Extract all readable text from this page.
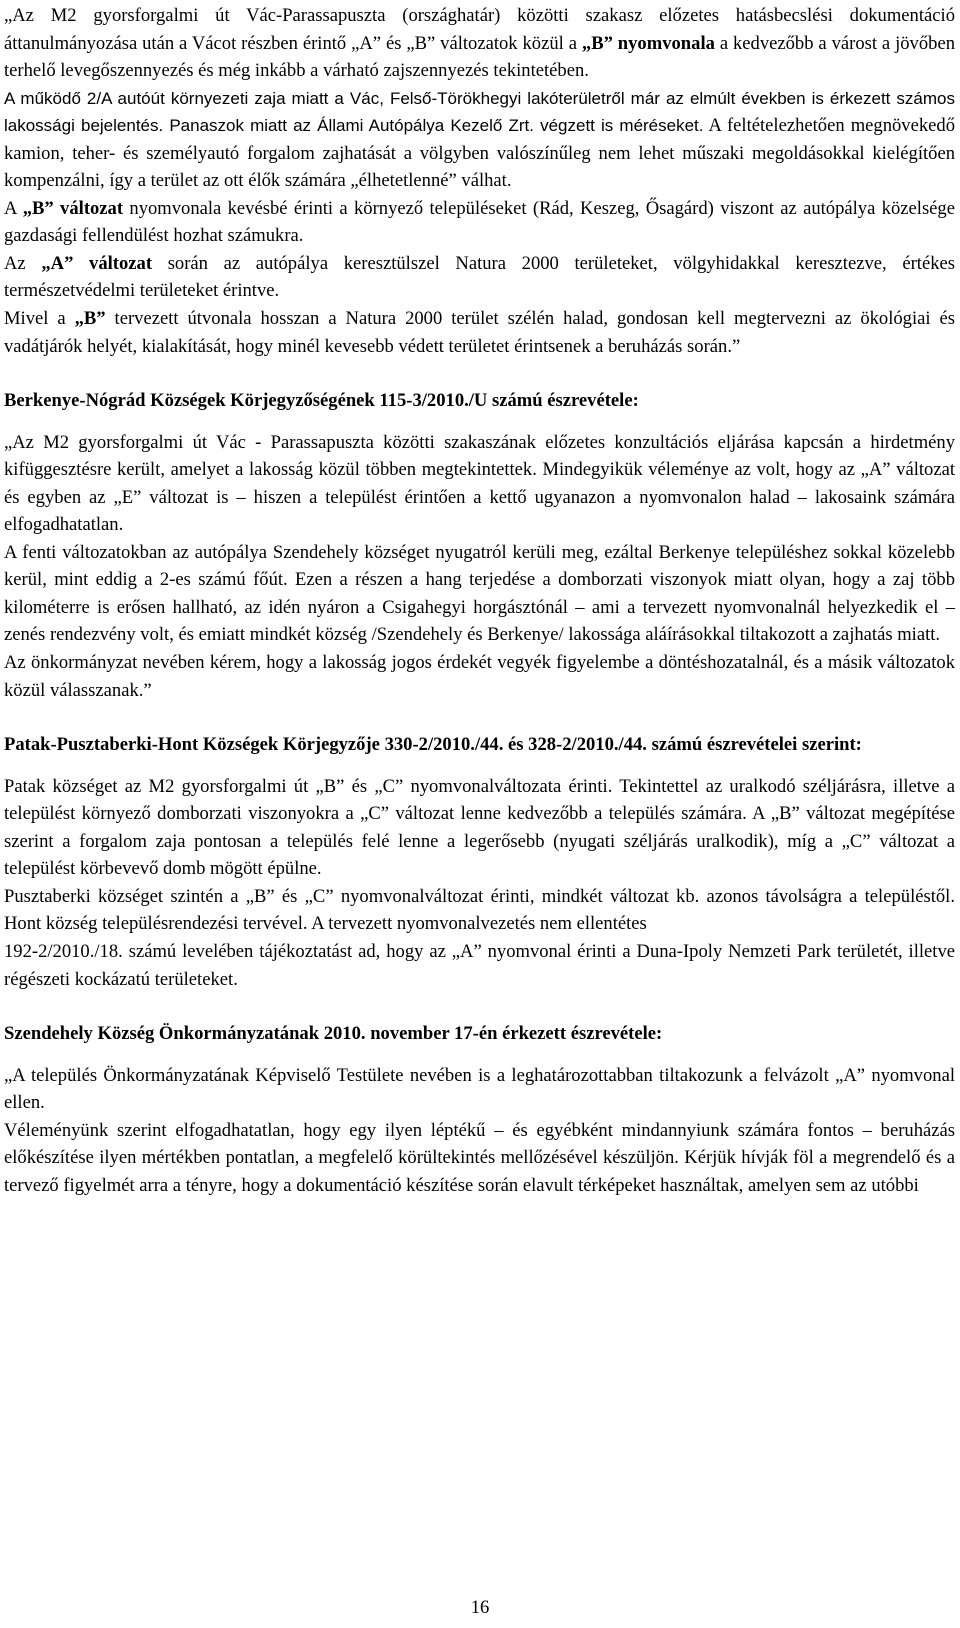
„Az M2 gyorsforgalmi út Vác-Parassapuszta (országhatár) közötti szakasz előzetes hatásbecslési dokumentáció áttanulmányozása után a Vácot részben érintő „A” és „B” változatok közül a „B” nyomvonala a kedvezőbb a várost a jövőben terhelő levegőszennyezés és még inkább a várható zajszennyezés tekintetében.

A működő 2/A autóút környezeti zaja miatt a Vác, Felső-Törökhegyi lakóterületről már az elmúlt években is érkezett számos lakossági bejelentés. Panaszok miatt az Állami Autópálya Kezelő Zrt. végzett is méréseket. A feltételezhetően megnövekedő kamion, teher- és személyautó forgalom zajhatását a völgyben valószínűleg nem lehet műszaki megoldásokkal kielégítően kompenzálni, így a terület az ott élők számára „élhetetlenné” válhat.

A „B” változat nyomvonala kevésbé érinti a környező településeket (Rád, Keszeg, Ősagárd) viszont az autópálya közelsége gazdasági fellendülést hozhat számukra.

Az „A” változat során az autópálya keresztülszel Natura 2000 területeket, völgyhidakkal keresztezve, értékes természetvédelmi területeket érintve.

Mivel a „B” tervezett útvonala hosszan a Natura 2000 terület szélén halad, gondosan kell megtervezni az ökológiai és vadátjárók helyét, kialakítását, hogy minél kevesebb védett területet érintsenek a beruházás során.”

Berkenye-Nógrád Községek Körjegyzőségének 115-3/2010./U számú észrevétele:

„Az M2 gyorsforgalmi út Vác - Parassapuszta közötti szakaszának előzetes konzultációs eljárása kapcsán a hirdetmény kifüggesztésre került, amelyet a lakosság közül többen megtekintettek. Mindegyikük véleménye az volt, hogy az „A” változat és egyben az „E” változat is – hiszen a települést érintően a kettő ugyanazon a nyomvonalon halad – lakosaink számára elfogadhatatlan.

A fenti változatokban az autópálya Szendehely községet nyugatról kerüli meg, ezáltal Berkenye településhez sokkal közelebb kerül, mint eddig a 2-es számú főút. Ezen a részen a hang terjedése a domborzati viszonyok miatt olyan, hogy a zaj több kilométerre is erősen hallható, az idén nyáron a Csigahegyi horgásztónál – ami a tervezett nyomvonalnál helyezkedik el – zenés rendezvény volt, és emiatt mindkét község /Szendehely és Berkenye/ lakossága aláírásokkal tiltakozott a zajhatás miatt.

Az önkormányzat nevében kérem, hogy a lakosság jogos érdekét vegyék figyelembe a döntéshozatalnál, és a másik változatok közül válasszanak.”

Patak-Pusztaberki-Hont Községek Körjegyzője 330-2/2010./44. és 328-2/2010./44. számú észrevételei szerint:

Patak községet az M2 gyorsforgalmi út „B” és „C” nyomvonalváltozata érinti. Tekintettel az uralkodó széljárásra, illetve a települést környező domborzati viszonyokra a „C” változat lenne kedvezőbb a település számára. A „B” változat megépítése szerint a forgalom zaja pontosan a település felé lenne a legerősebb (nyugati széljárás uralkodik), míg a „C” változat a települést körbevevő domb mögött épülne.

Pusztaberki községet szintén a „B” és „C” nyomvonalváltozat érinti, mindkét változat kb. azonos távolságra a településtől. Hont község településrendezési tervével. A tervezett nyomvonalvezetés nem ellentétes

192-2/2010./18. számú levelében tájékoztatást ad, hogy az „A” nyomvonal érinti a Duna-Ipoly Nemzeti Park területét, illetve régészeti kockázatú területeket.

Szendehely Község Önkormányzatának 2010. november 17-én érkezett észrevétele:

„A település Önkormányzatának Képviselő Testülete nevében is a leghatározottabban tiltakozunk a felvázolt „A” nyomvonal ellen.

Véleményünk szerint elfogadhatatlan, hogy egy ilyen léptékű – és egyébként mindannyiunk számára fontos – beruházás előkészítése ilyen mértékben pontatlan, a megfelelő körültekintés mellőzésével készüljön. Kérjük hívják föl a megrendelő és a tervező figyelmét arra a tényre, hogy a dokumentáció készítése során elavult térképeket használtak, amelyen sem az utóbbi

16
